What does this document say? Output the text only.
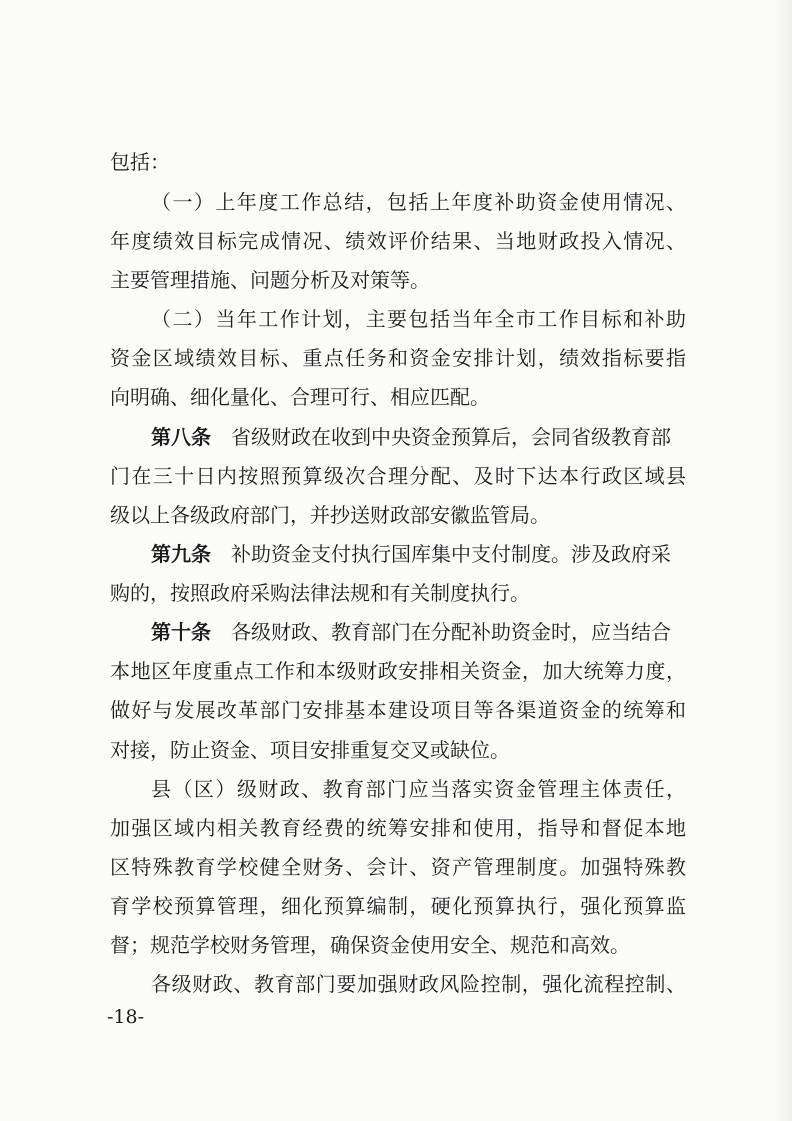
包括：
（一）上年度工作总结，包括上年度补助资金使用情况、
年度绩效目标完成情况、绩效评价结果、当地财政投入情况、
主要管理措施、问题分析及对策等。
（二）当年工作计划，主要包括当年全市工作目标和补助
资金区域绩效目标、重点任务和资金安排计划，绩效指标要指
向明确、细化量化、合理可行、相应匹配。
第八条  省级财政在收到中央资金预算后，会同省级教育部
门在三十日内按照预算级次合理分配、及时下达本行政区域县
级以上各级政府部门，并抄送财政部安徽监管局。
第九条  补助资金支付执行国库集中支付制度。涉及政府采
购的，按照政府采购法律法规和有关制度执行。
第十条  各级财政、教育部门在分配补助资金时，应当结合
本地区年度重点工作和本级财政安排相关资金，加大统筹力度，
做好与发展改革部门安排基本建设项目等各渠道资金的统筹和
对接，防止资金、项目安排重复交叉或缺位。
县（区）级财政、教育部门应当落实资金管理主体责任，
加强区域内相关教育经费的统筹安排和使用，指导和督促本地
区特殊教育学校健全财务、会计、资产管理制度。加强特殊教
育学校预算管理，细化预算编制，硬化预算执行，强化预算监
督；规范学校财务管理，确保资金使用安全、规范和高效。
各级财政、教育部门要加强财政风险控制，强化流程控制、
-18-
